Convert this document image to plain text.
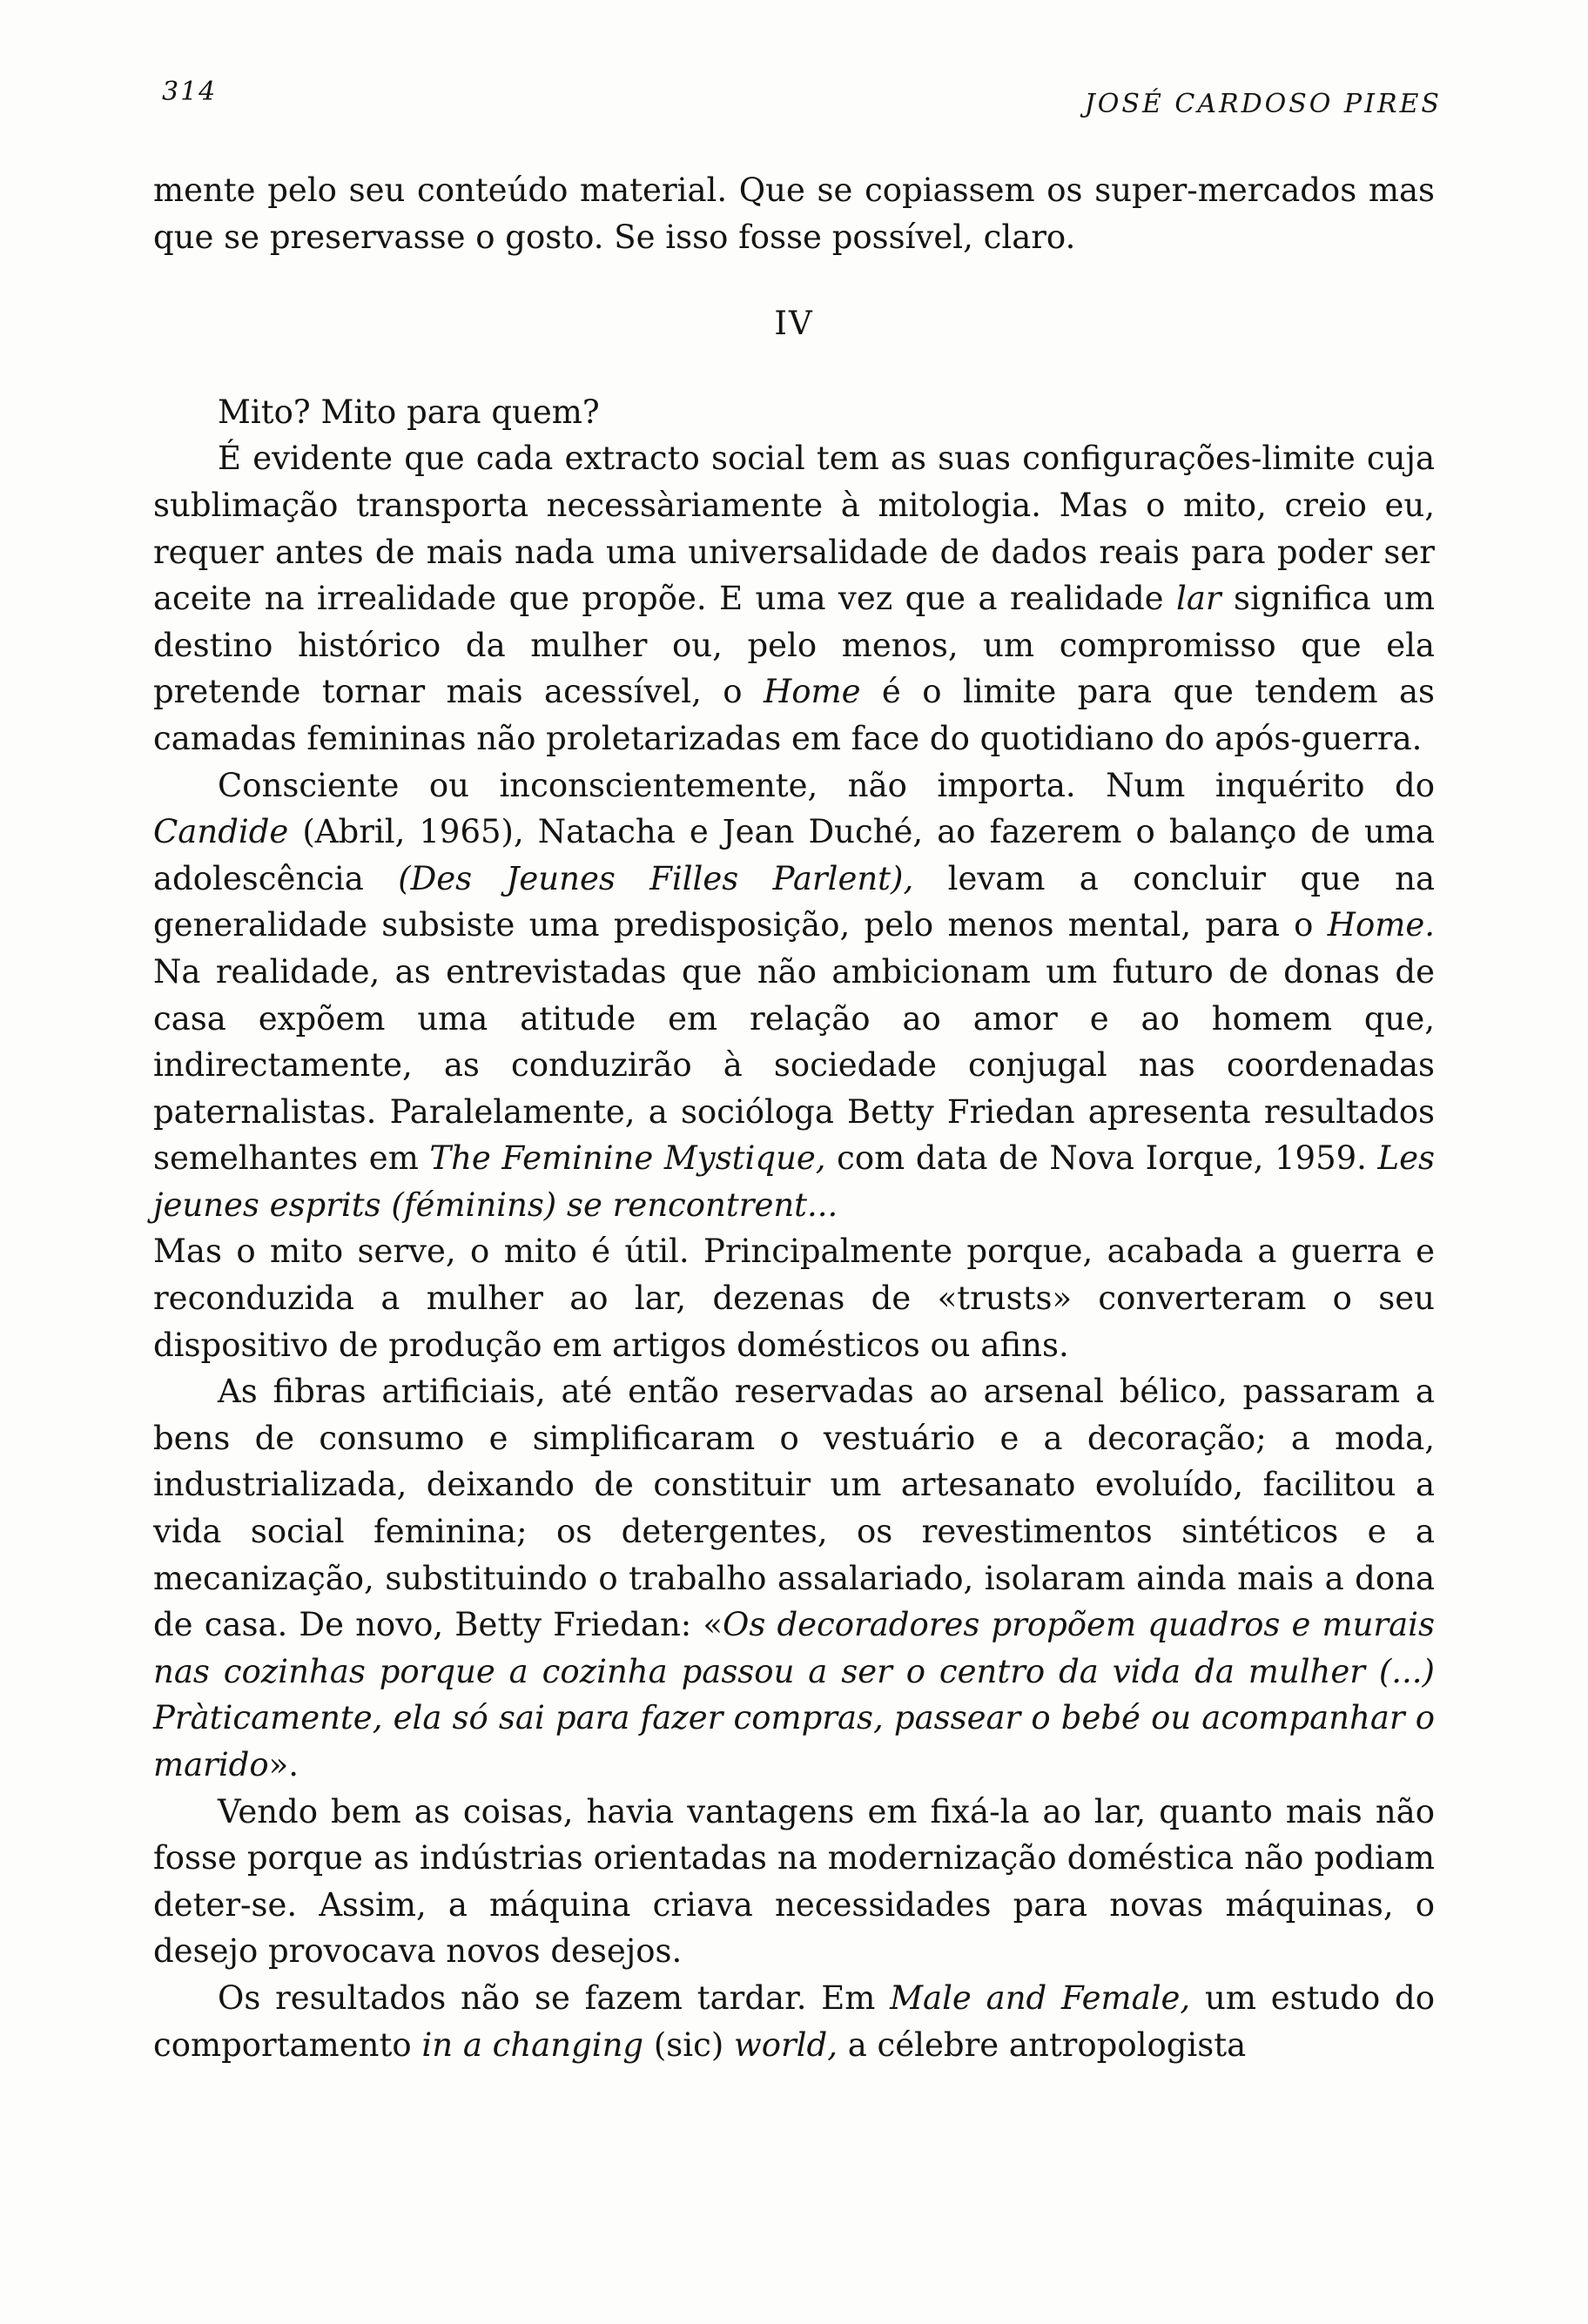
314	JOSÉ CARDOSO PIRES

mente pelo seu conteúdo material. Que se copiassem os super-mercados mas que se preservasse o gosto. Se isso fosse possível, claro.

IV

Mito? Mito para quem?

É evidente que cada extracto social tem as suas configurações-limite cuja sublimação transporta necessàriamente à mitologia. Mas o mito, creio eu, requer antes de mais nada uma universalidade de dados reais para poder ser aceite na irrealidade que propõe. E uma vez que a realidade lar significa um destino histórico da mulher ou, pelo menos, um compromisso que ela pretende tornar mais acessível, o Home é o limite para que tendem as camadas femininas não proletarizadas em face do quotidiano do após-guerra.

Consciente ou inconscientemente, não importa. Num inquérito do Candide (Abril, 1965), Natacha e Jean Duché, ao fazerem o balanço de uma adolescência (Des Jeunes Filles Parlent), levam a concluir que na generalidade subsiste uma predisposição, pelo menos mental, para o Home. Na realidade, as entrevistadas que não ambicionam um futuro de donas de casa expõem uma atitude em relação ao amor e ao homem que, indirectamente, as conduzirão à sociedade conjugal nas coordenadas paternalistas. Paralelamente, a socióloga Betty Friedan apresenta resultados semelhantes em The Feminine Mystique, com data de Nova Iorque, 1959. Les jeunes esprits (féminins) se rencontrent...

Mas o mito serve, o mito é útil. Principalmente porque, acabada a guerra e reconduzida a mulher ao lar, dezenas de «trusts» converteram o seu dispositivo de produção em artigos domésticos ou afins.

As fibras artificiais, até então reservadas ao arsenal bélico, passaram a bens de consumo e simplificaram o vestuário e a decoração; a moda, industrializada, deixando de constituir um artesanato evoluído, facilitou a vida social feminina; os detergentes, os revestimentos sintéticos e a mecanização, substituindo o trabalho assalariado, isolaram ainda mais a dona de casa. De novo, Betty Friedan: «Os decoradores propõem quadros e murais nas cozinhas porque a cozinha passou a ser o centro da vida da mulher (...) Pràticamente, ela só sai para fazer compras, passear o bebé ou acompanhar o marido».

Vendo bem as coisas, havia vantagens em fixá-la ao lar, quanto mais não fosse porque as indústrias orientadas na modernização doméstica não podiam deter-se. Assim, a máquina criava necessidades para novas máquinas, o desejo provocava novos desejos.

Os resultados não se fazem tardar. Em Male and Female, um estudo do comportamento in a changing (sic) world, a célebre antropologista
